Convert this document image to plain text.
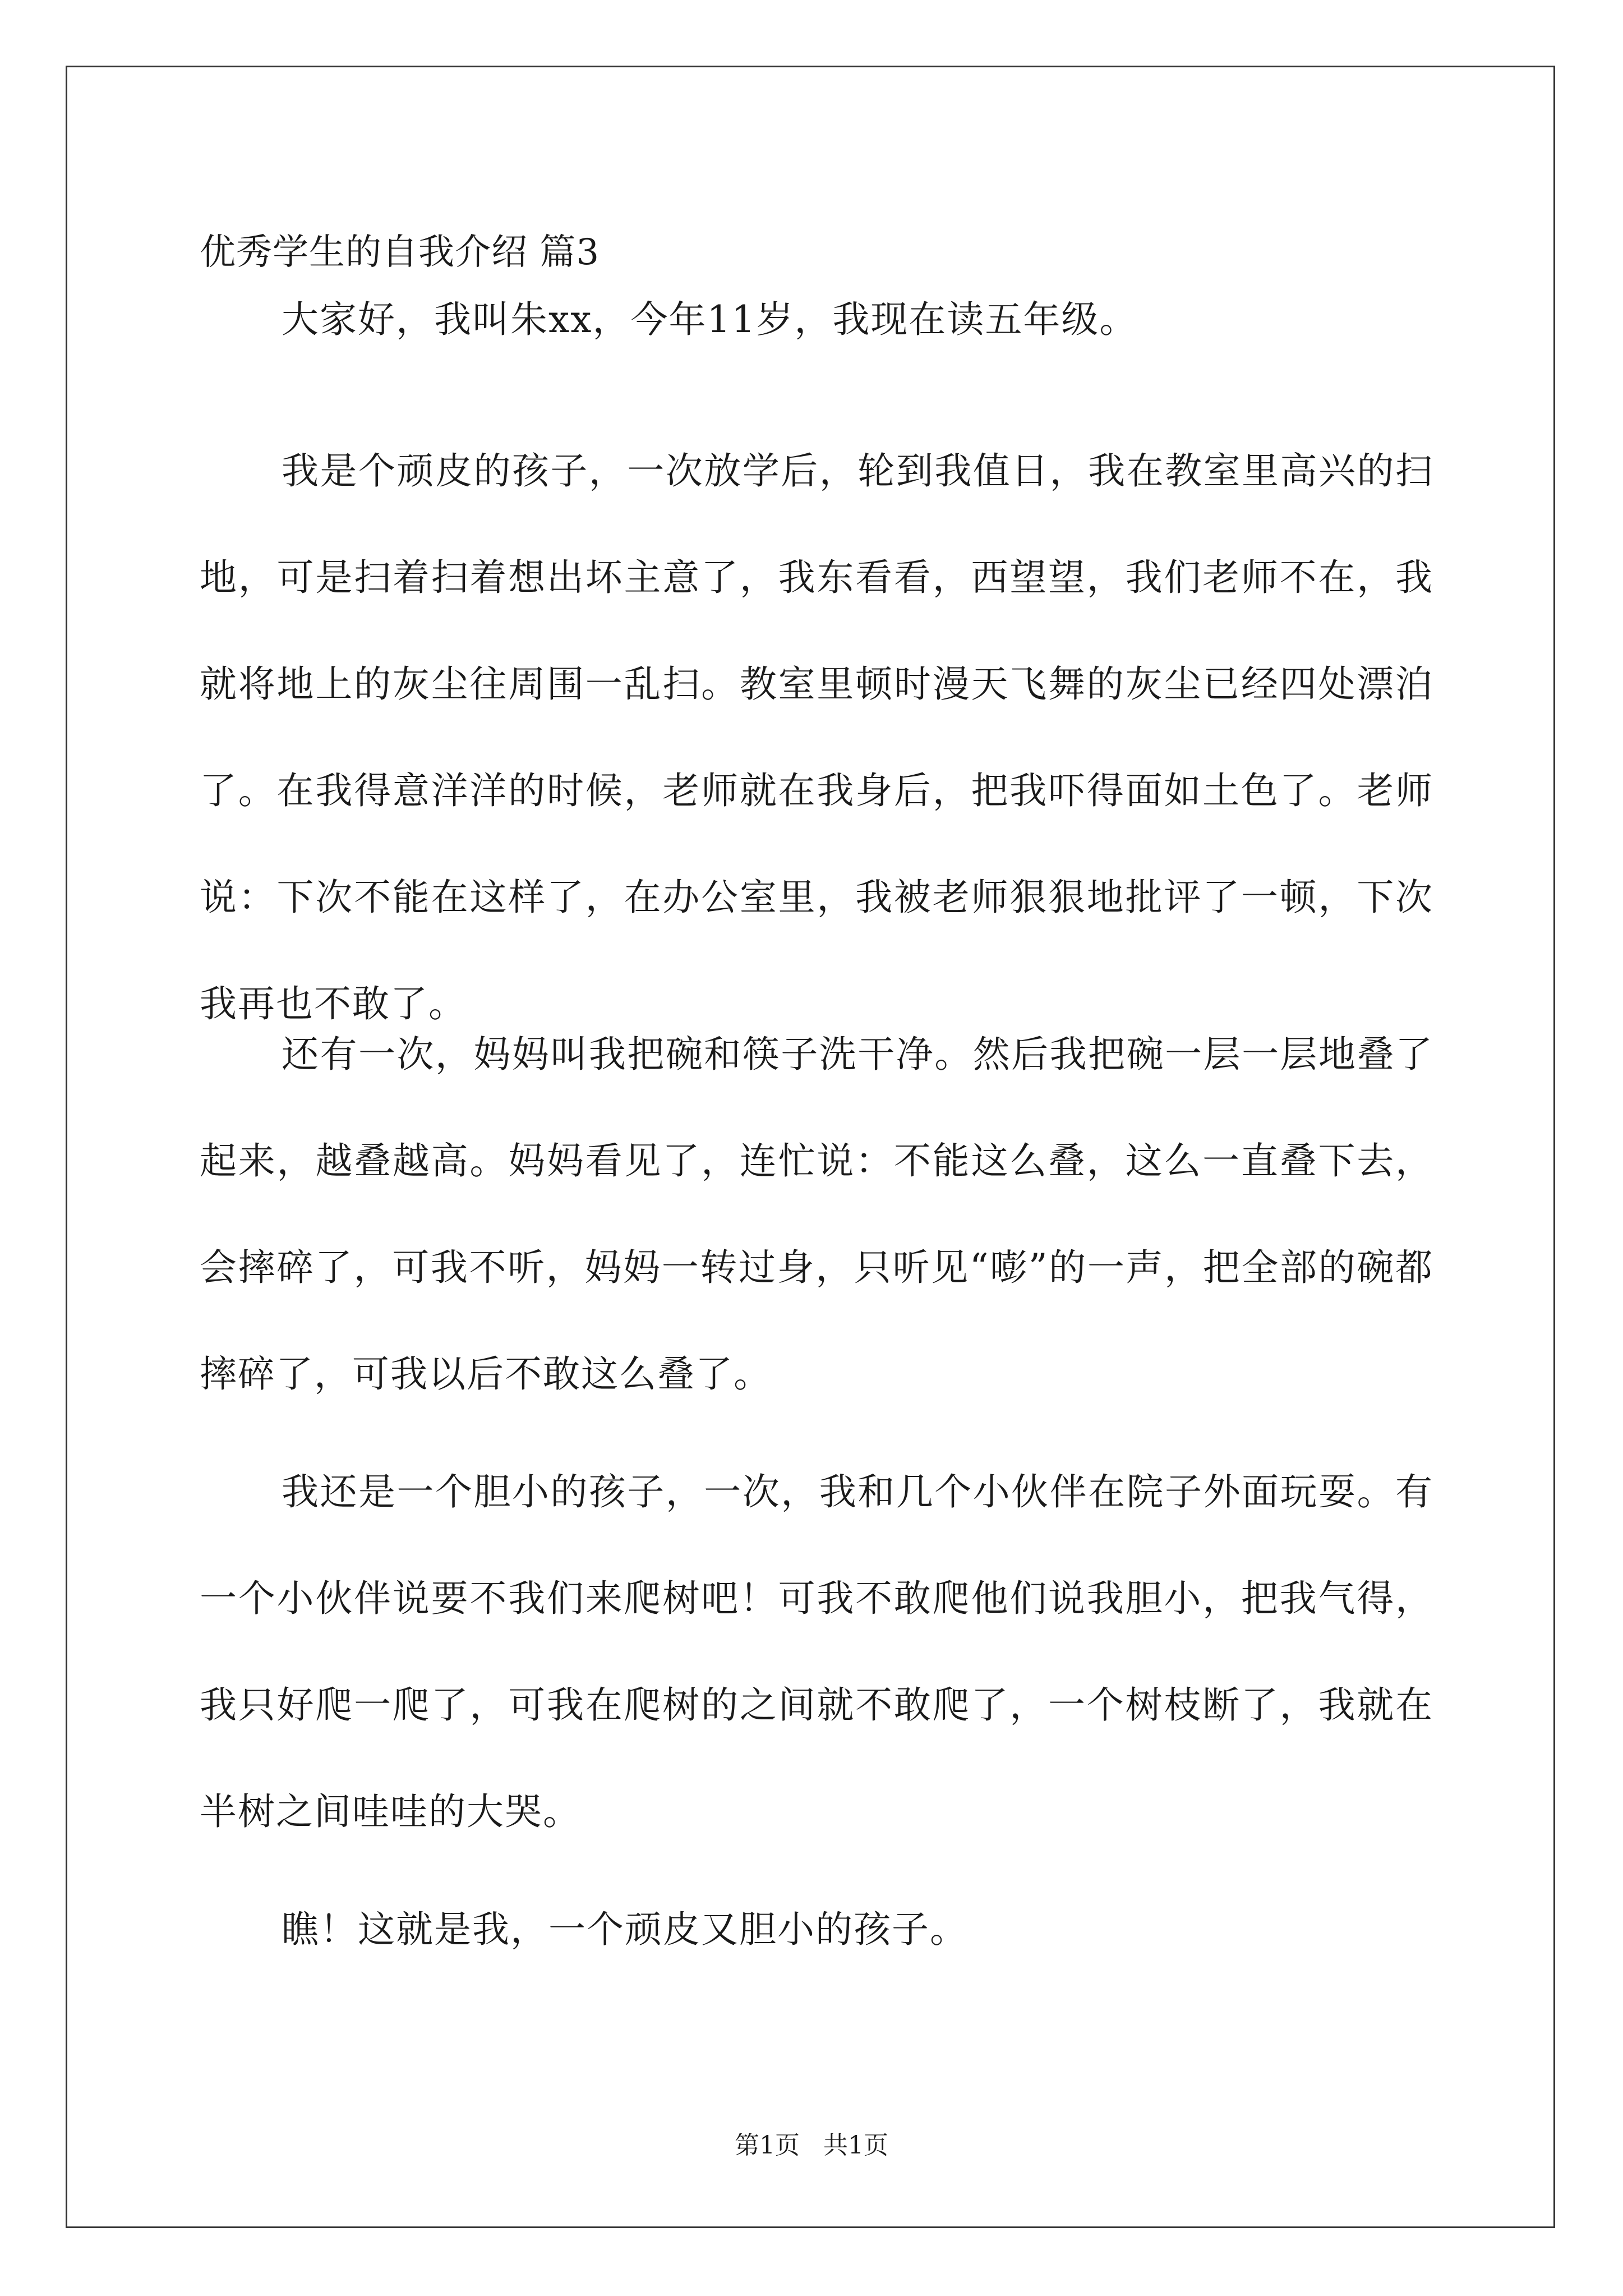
优秀学生的自我介绍 篇3

大家好，我叫朱xx，今年11岁，我现在读五年级。

我是个顽皮的孩子，一次放学后，轮到我值日，我在教室里高兴的扫地，可是扫着扫着想出坏主意了，我东看看，西望望，我们老师不在，我就将地上的灰尘往周围一乱扫。教室里顿时漫天飞舞的灰尘已经四处漂泊了。在我得意洋洋的时候，老师就在我身后，把我吓得面如土色了。老师说：下次不能在这样了，在办公室里，我被老师狠狠地批评了一顿，下次我再也不敢了。

还有一次，妈妈叫我把碗和筷子洗干净。然后我把碗一层一层地叠了起来，越叠越高。妈妈看见了，连忙说：不能这么叠，这么一直叠下去，会摔碎了，可我不听，妈妈一转过身，只听见“嘭”的一声，把全部的碗都摔碎了，可我以后不敢这么叠了。

我还是一个胆小的孩子，一次，我和几个小伙伴在院子外面玩耍。有一个小伙伴说要不我们来爬树吧！可我不敢爬他们说我胆小，把我气得，我只好爬一爬了，可我在爬树的之间就不敢爬了，一个树枝断了，我就在半树之间哇哇的大哭。

瞧！这就是我，一个顽皮又胆小的孩子。

第1页   共1页
